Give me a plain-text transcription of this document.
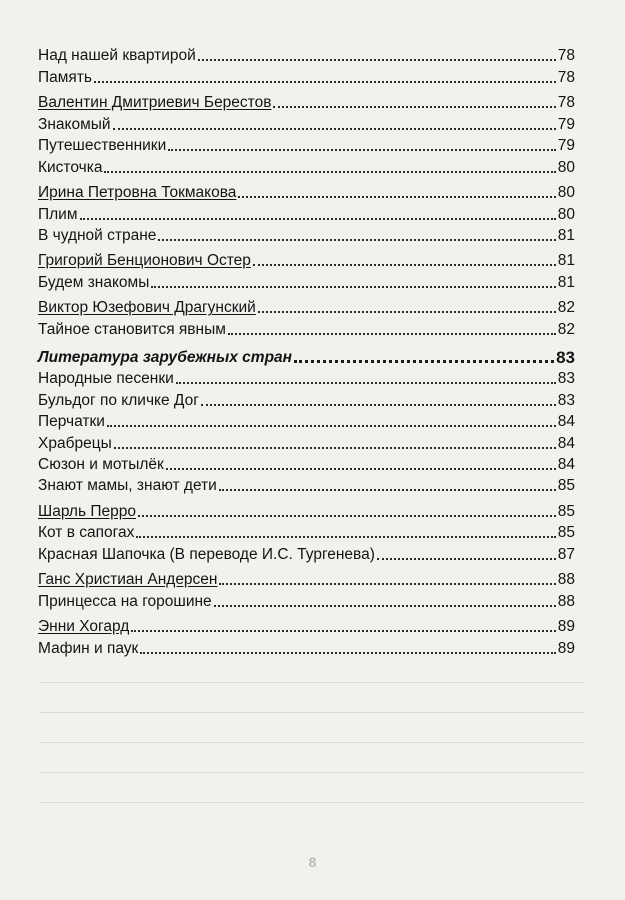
Над нашей квартирой	78
Память	78
Валентин Дмитриевич Берестов	78
Знакомый	79
Путешественники	79
Кисточка	80
Ирина Петровна Токмакова	80
Плим	80
В чудной стране	81
Григорий Бенционович Остер	81
Будем знакомы	81
Виктор Юзефович Драгунский	82
Тайное становится явным	82
Литература зарубежных стран	83
Народные песенки	83
Бульдог по кличке Дог	83
Перчатки	84
Храбрецы	84
Сюзон и мотылёк	84
Знают мамы, знают дети	85
Шарль Перро	85
Кот в сапогах	85
Красная Шапочка (В переводе И.С. Тургенева)	87
Ганс Христиан Андерсен	88
Принцесса на горошине	88
Энни Хогард	89
Мафин и паук	89
8
